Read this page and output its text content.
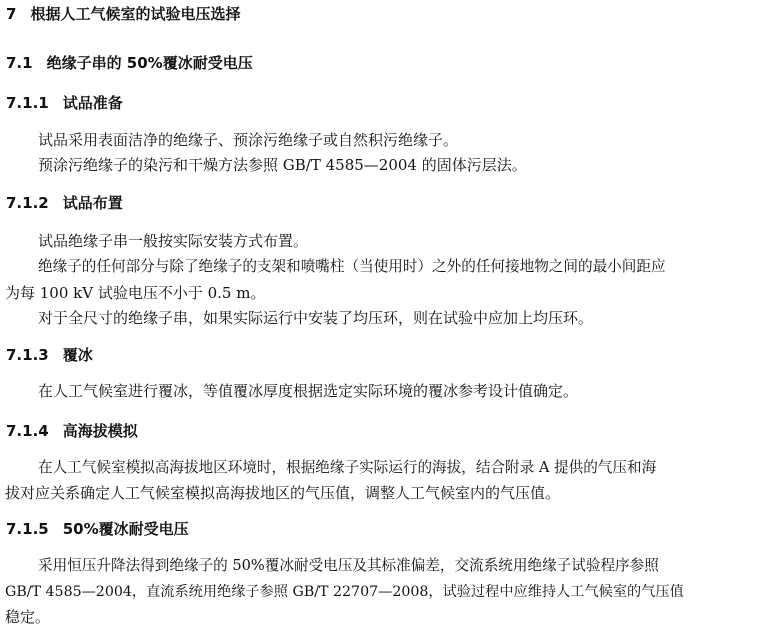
7 根据人工气候室的试验电压选择
7.1 绝缘子串的 50%覆冰耐受电压
7.1.1 试品准备
试品采用表面洁净的绝缘子、预涂污绝缘子或自然积污绝缘子。
预涂污绝缘子的染污和干燥方法参照 GB/T 4585—2004 的固体污层法。
7.1.2 试品布置
试品绝缘子串一般按实际安装方式布置。
绝缘子的任何部分与除了绝缘子的支架和喷嘴柱（当使用时）之外的任何接地物之间的最小间距应
为每 100 kV 试验电压不小于 0.5 m。
对于全尺寸的绝缘子串，如果实际运行中安装了均压环，则在试验中应加上均压环。
7.1.3 覆冰
在人工气候室进行覆冰，等值覆冰厚度根据选定实际环境的覆冰参考设计值确定。
7.1.4 高海拔模拟
在人工气候室模拟高海拔地区环境时，根据绝缘子实际运行的海拔，结合附录 A 提供的气压和海
拔对应关系确定人工气候室模拟高海拔地区的气压值，调整人工气候室内的气压值。
7.1.5 50%覆冰耐受电压
采用恒压升降法得到绝缘子的 50%覆冰耐受电压及其标准偏差，交流系统用绝缘子试验程序参照
GB/T 4585—2004，直流系统用绝缘子参照 GB/T 22707—2008，试验过程中应维持人工气候室的气压值
稳定。
